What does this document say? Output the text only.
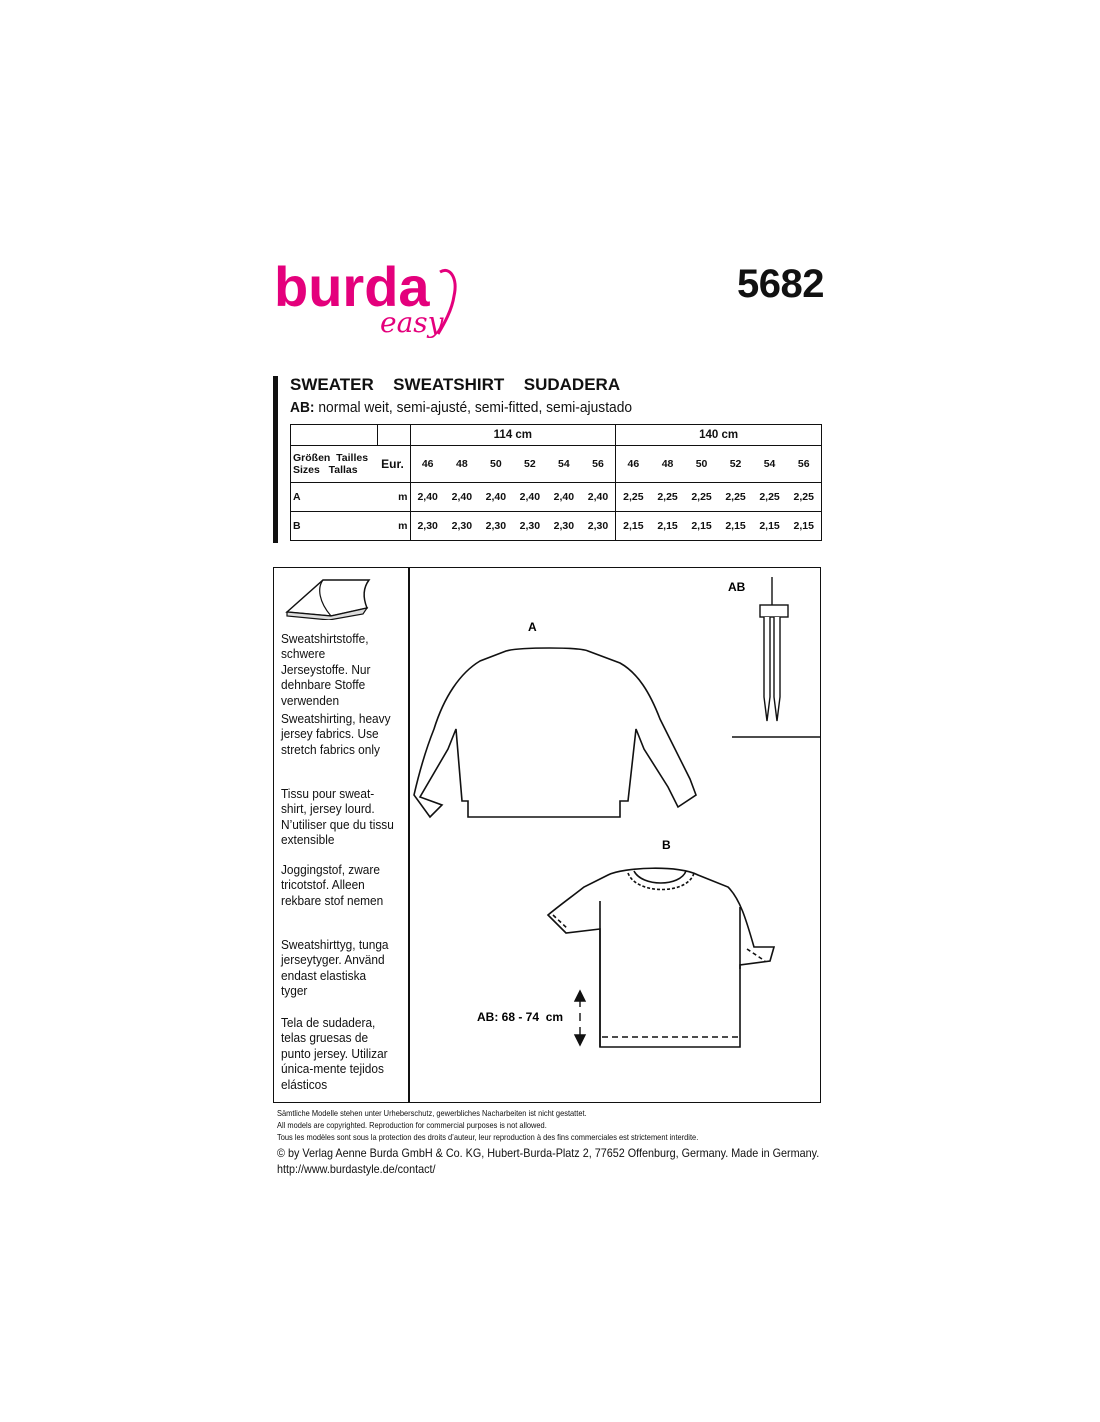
burda
easy
5682
SWEATER  SWEATSHIRT  SUDADERA
AB: normal weit, semi-ajusté, semi-fitted, semi-ajustado
		114 cm						140 cm					

Größen  Tailles
Sizes   Tallas	Eur.	46	48	50	52	54	56	46	48	50	52	54	56
A	m	2,40	2,40	2,40	2,40	2,40	2,40	2,25	2,25	2,25	2,25	2,25	2,25
B	m	2,30	2,30	2,30	2,30	2,30	2,30	2,15	2,15	2,15	2,15	2,15	2,15
Sweatshirtstoffe, schwere Jerseystoffe. Nur dehnbare Stoffe verwenden
Sweatshirting, heavy jersey fabrics. Use stretch fabrics only
Tissu pour sweat-shirt, jersey lourd. N’utiliser que du tissu extensible
Joggingstof, zware tricotstof. Alleen rekbare stof nemen
Sweatshirttyg, tunga jerseytyger. Använd endast elastiska tyger
Tela de sudadera, telas gruesas de punto jersey. Utilizar única-mente tejidos elásticos
A
AB
B
AB: 68 - 74  cm
Sämtliche Modelle stehen unter Urheberschutz, gewerbliches Nacharbeiten ist nicht gestattet.
All models are copyrighted. Reproduction for commercial purposes is not allowed.
Tous les modèles sont sous la protection des droits d’auteur, leur reproduction à des fins commerciales est strictement interdite.
© by Verlag Aenne Burda GmbH & Co. KG, Hubert-Burda-Platz 2, 77652 Offenburg, Germany. Made in Germany.
http://www.burdastyle.de/contact/
